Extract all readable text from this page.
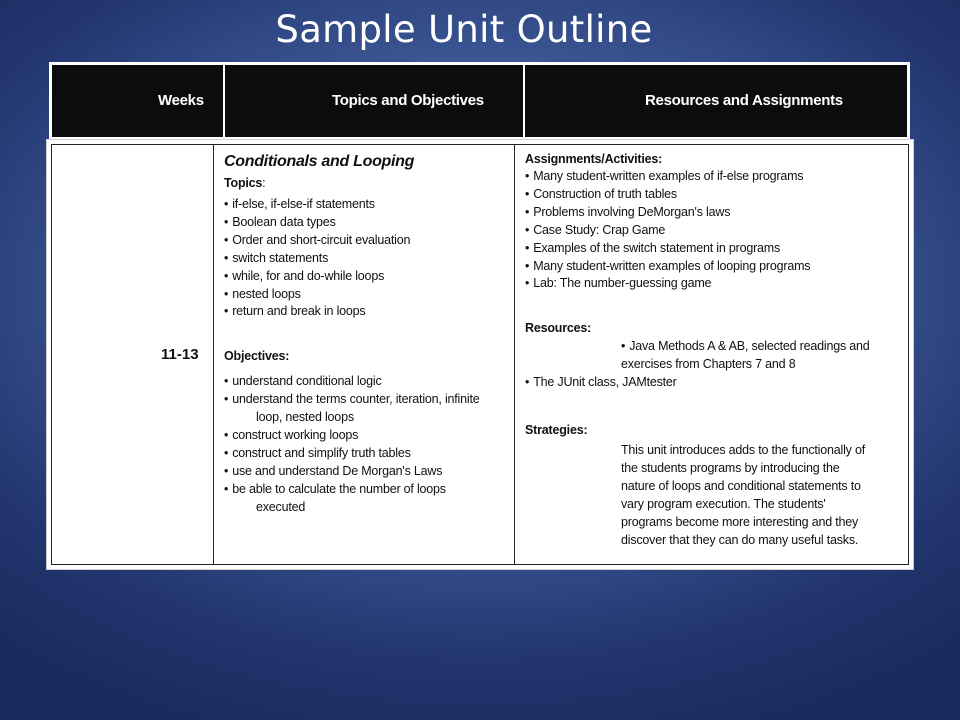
Sample Unit Outline
Weeks	Topics and Objectives	Resources and Assignments
11-13
Conditionals and Looping
Topics:
• if-else, if-else-if statements
• Boolean data types
• Order and short-circuit evaluation
• switch statements
• while, for and do-while loops
• nested loops
• return and break in loops
Objectives:
• understand conditional logic
• understand the terms counter, iteration, infinite
loop, nested loops
• construct working loops
• construct and simplify truth tables
• use and understand De Morgan's Laws
• be able to calculate the number of loops
executed
Assignments/Activities:
• Many student-written examples of if-else programs
• Construction of truth tables
• Problems involving DeMorgan's laws
• Case Study: Crap Game
• Examples of the switch statement in programs
• Many student-written examples of looping programs
• Lab: The number-guessing game
Resources:
• Java Methods A & AB, selected readings and
exercises from Chapters 7 and 8
• The JUnit class, JAMtester
Strategies:
This unit introduces adds to the functionally of
the students programs by introducing the
nature of loops and conditional statements to
vary program execution. The students'
programs become more interesting and they
discover that they can do many useful tasks.
